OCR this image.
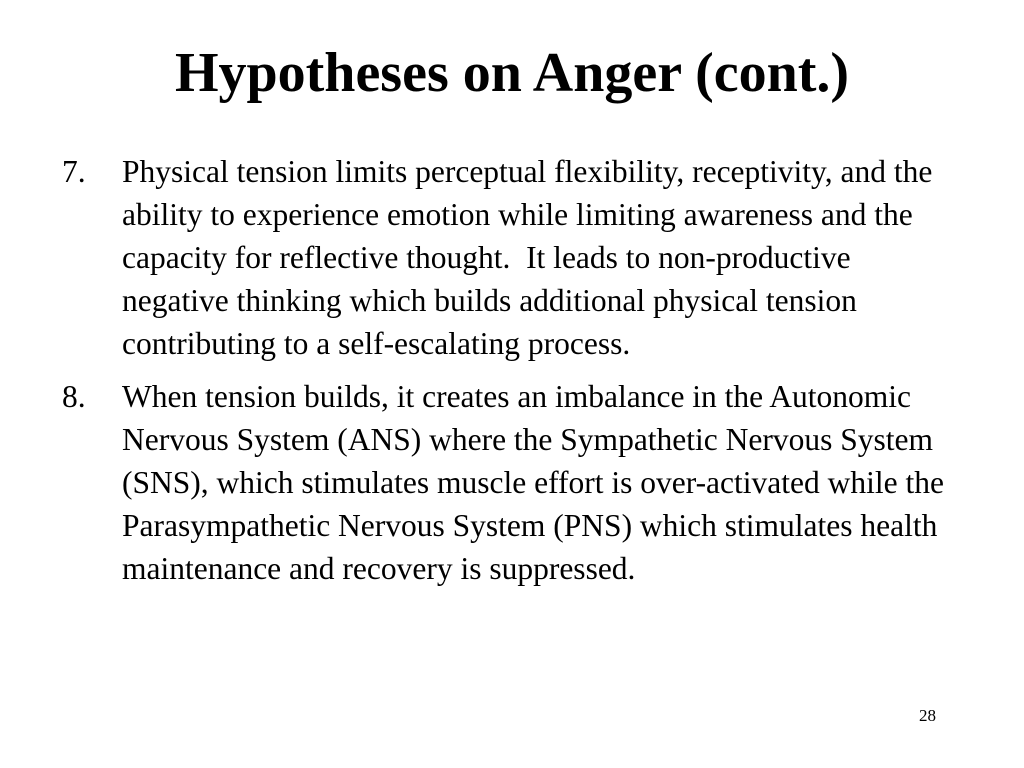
Hypotheses on Anger (cont.)
7. Physical tension limits perceptual flexibility, receptivity, and the ability to experience emotion while limiting awareness and the capacity for reflective thought.  It leads to non-productive negative thinking which builds additional physical tension contributing to a self-escalating process.
8. When tension builds, it creates an imbalance in the Autonomic Nervous System (ANS) where the Sympathetic Nervous System (SNS), which stimulates muscle effort is over-activated while the Parasympathetic Nervous System (PNS) which stimulates health maintenance and recovery is suppressed.
28
